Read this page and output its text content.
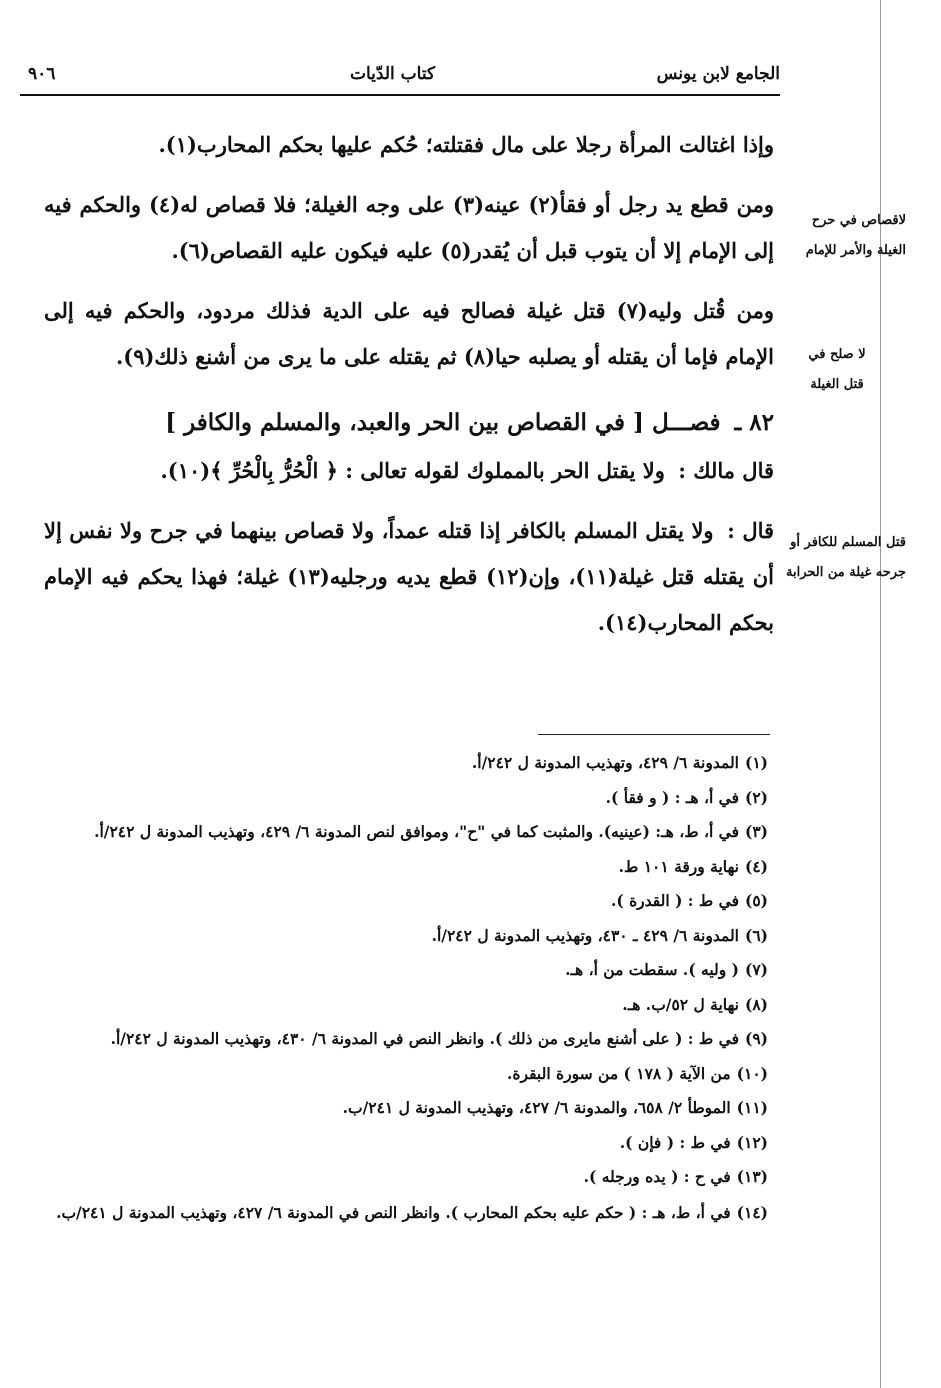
الجامع لابن يونس
كتاب الدّيات
٩٠٦
لاقصاص في حرح الغيلة والأمر للإمام
لا صلح في قتل الغيلة
قتل المسلم للكافر أو جرحه غيلة من الحرابة

وإذا اغتالت المرأة رجلا على مال فقتلته؛ حُكم عليها بحكم المحارب(١).

ومن قطع يد رجل أو فقأ(٢) عينه(٣) على وجه الغيلة؛ فلا قصاص له(٤) والحكم فيه إلى الإمام إلا أن يتوب قبل أن يُقدر(٥) عليه فيكون عليه القصاص(٦).

ومن قُتل وليه(٧) قتل غيلة فصالح فيه على الدية فذلك مردود، والحكم فيه إلى الإمام فإما أن يقتله أو يصلبه حيا(٨) ثم يقتله على ما يرى من أشنع ذلك(٩).

٨٢ ـ فصـــل [ في القصاص بين الحر والعبد، والمسلم والكافر ]

قال مالك : ولا يقتل الحر بالمملوك لقوله تعالى : ﴿ الْحُرُّ بِالْحُرِّ ﴾(١٠).

قال : ولا يقتل المسلم بالكافر إذا قتله عمداً، ولا قصاص بينهما في جرح ولا نفس إلا أن يقتله قتل غيلة(١١)، وإن(١٢) قطع يديه ورجليه(١٣) غيلة؛ فهذا يحكم فيه الإمام بحكم المحارب(١٤).

(١)المدونة ٦/ ٤٢٩، وتهذيب المدونة ل ٢٤٢/أ.
(٢)في أ، هـ : ( و فقأ ).
(٣)في أ، ط، هـ: (عينيه). والمثبت كما في "ح"، وموافق لنص المدونة ٦/ ٤٢٩، وتهذيب المدونة ل ٢٤٢/أ.
(٤)نهاية ورقة ١٠١ ط.
(٥)في ط : ( القدرة ).
(٦)المدونة ٦/ ٤٢٩ ـ ٤٣٠، وتهذيب المدونة ل ٢٤٢/أ.
(٧)( وليه ). سقطت من أ، هـ.
(٨)نهاية ل ٥٢/ب. هـ.
(٩)في ط : ( على أشنع مايرى من ذلك ). وانظر النص في المدونة ٦/ ٤٣٠، وتهذيب المدونة ل ٢٤٢/أ.
(١٠)من الآية ( ١٧٨ ) من سورة البقرة.
(١١)الموطأ ٢/ ٦٥٨، والمدونة ٦/ ٤٢٧، وتهذيب المدونة ل ٢٤١/ب.
(١٢)في ط : ( فإن ).
(١٣)في ح : ( يده ورجله ).
(١٤)في أ، ط، هـ : ( حكم عليه بحكم المحارب ). وانظر النص في المدونة ٦/ ٤٢٧، وتهذيب المدونة ل ٢٤١/ب.
